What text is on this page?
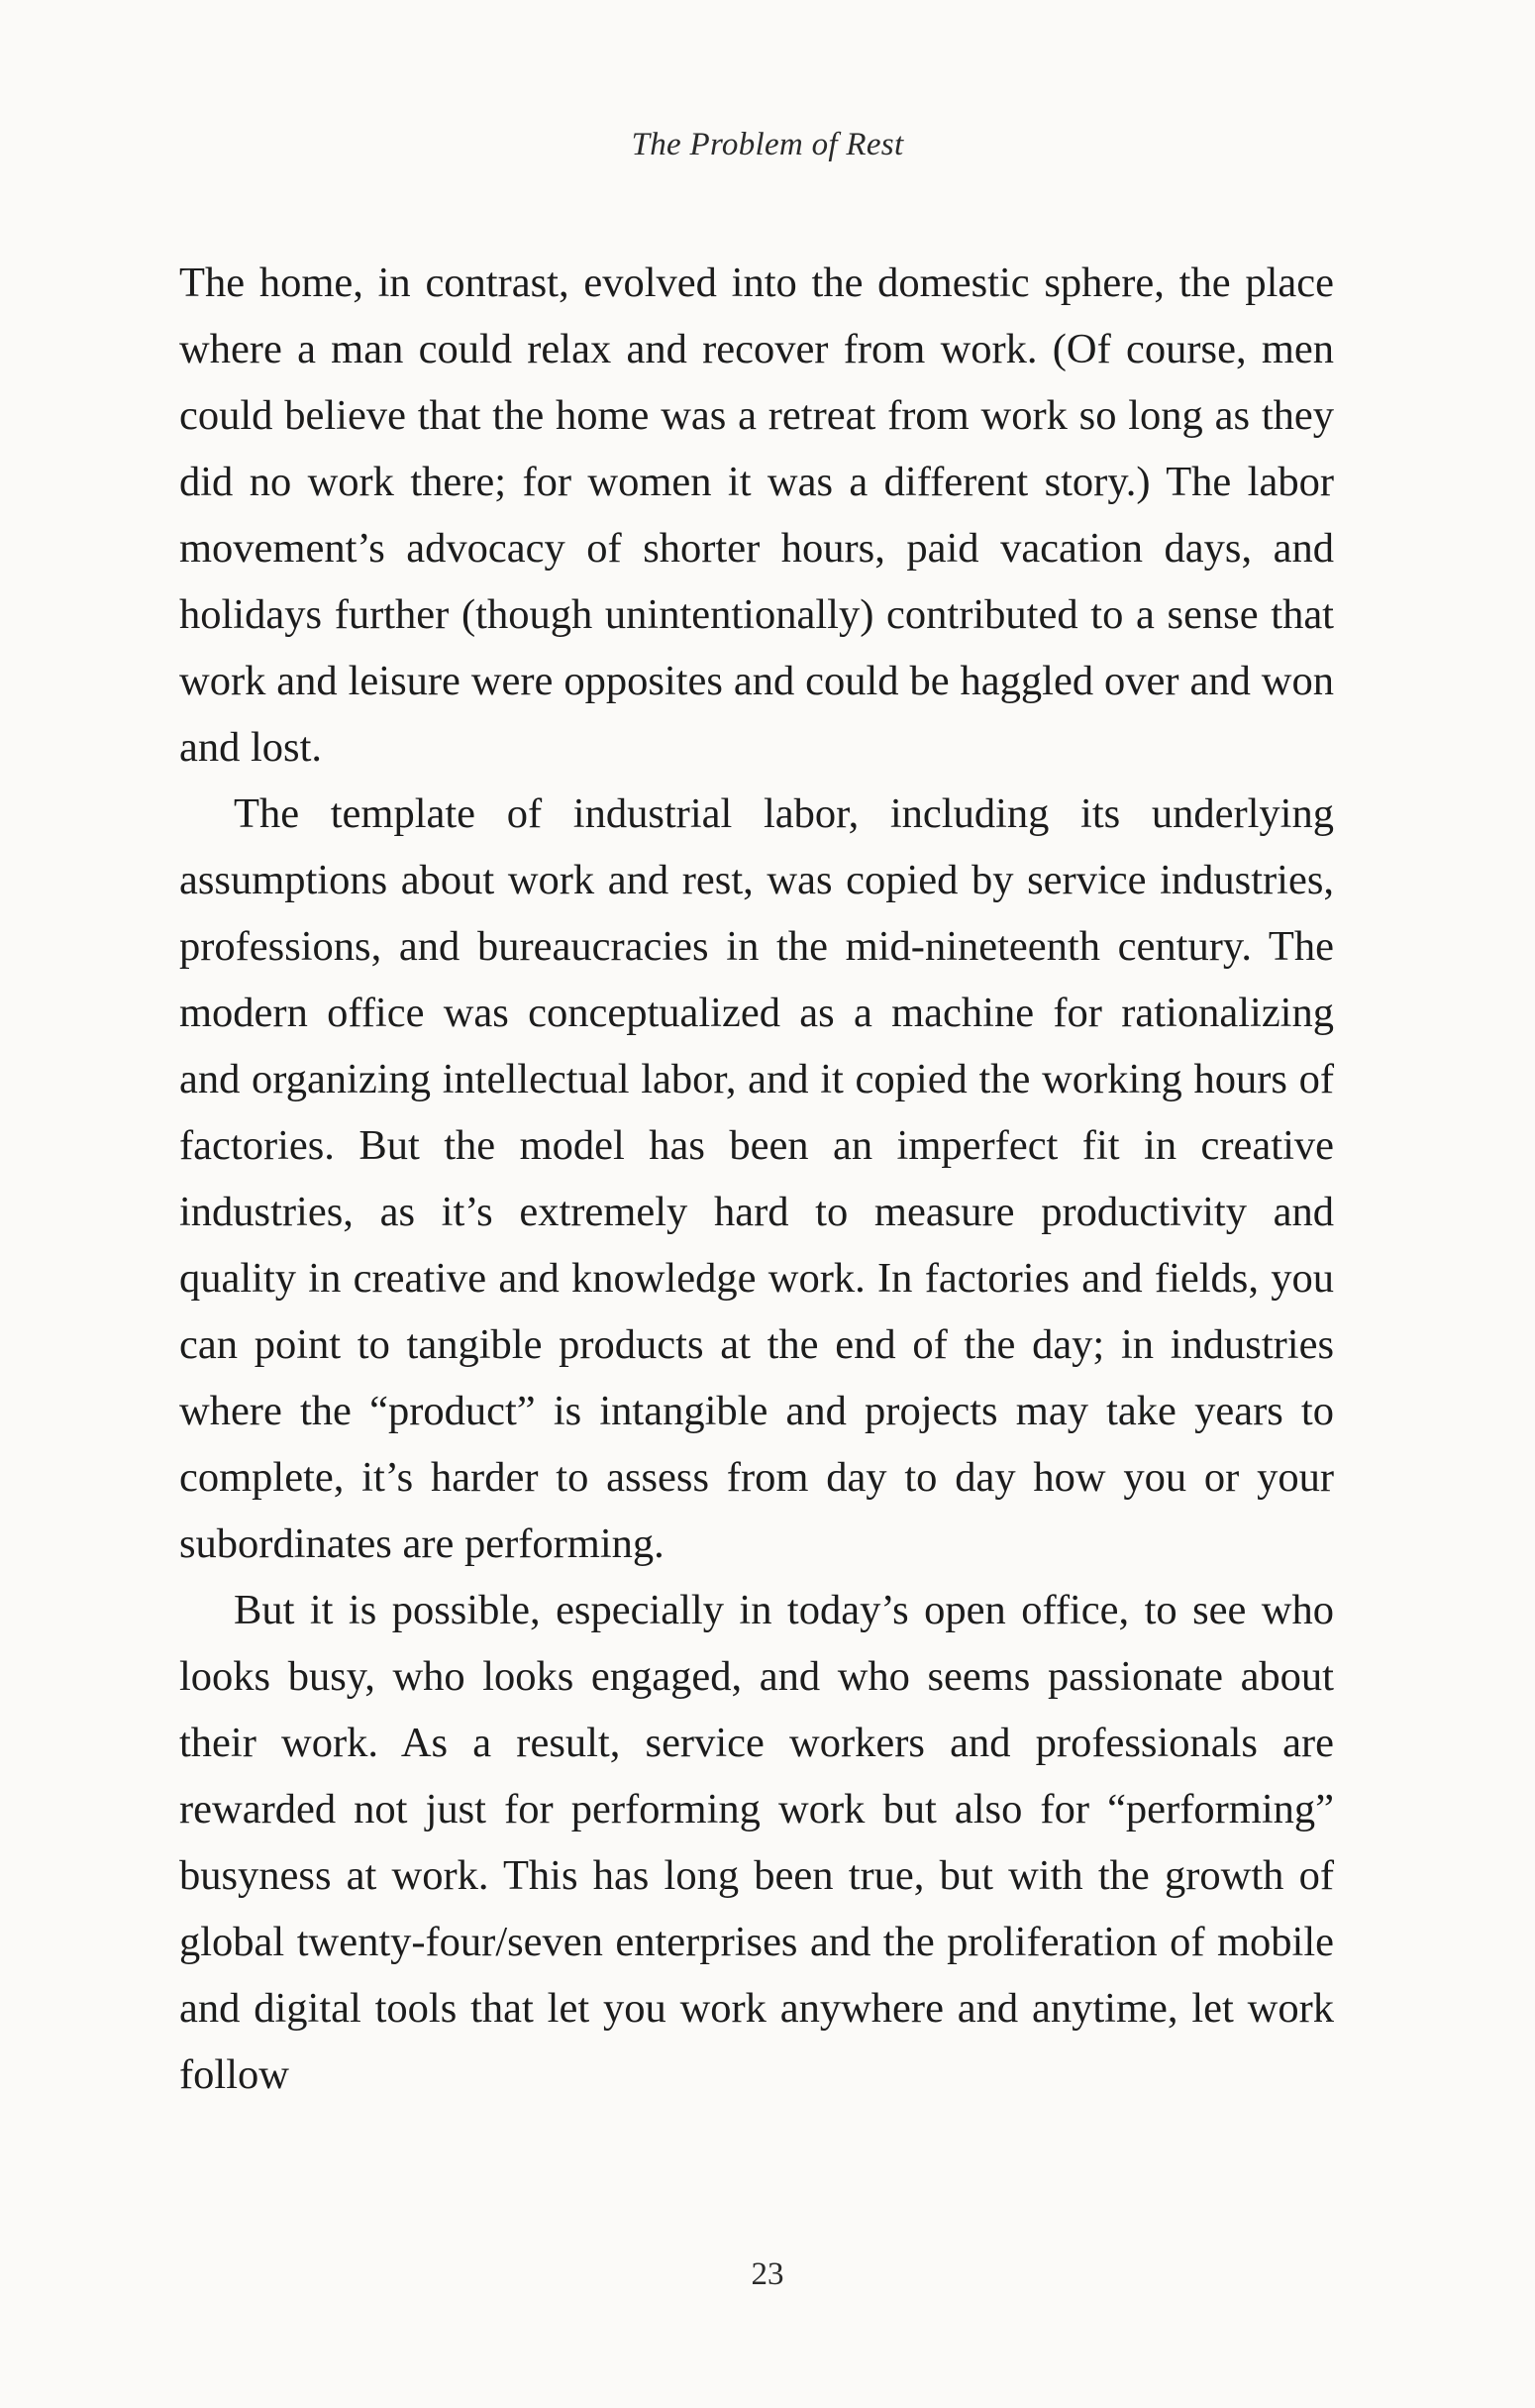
The Problem of Rest

The home, in contrast, evolved into the domestic sphere, the place where a man could relax and recover from work. (Of course, men could believe that the home was a retreat from work so long as they did no work there; for women it was a different story.) The labor movement’s advocacy of shorter hours, paid vacation days, and holidays further (though unintentionally) contributed to a sense that work and leisure were opposites and could be haggled over and won and lost.

The template of industrial labor, including its underlying assumptions about work and rest, was copied by service industries, professions, and bureaucracies in the mid-nineteenth century. The modern office was conceptualized as a machine for rationalizing and organizing intellectual labor, and it copied the working hours of factories. But the model has been an imperfect fit in creative industries, as it’s extremely hard to measure productivity and quality in creative and knowledge work. In factories and fields, you can point to tangible products at the end of the day; in industries where the “product” is intangible and projects may take years to complete, it’s harder to assess from day to day how you or your subordinates are performing.

But it is possible, especially in today’s open office, to see who looks busy, who looks engaged, and who seems passionate about their work. As a result, service workers and professionals are rewarded not just for performing work but also for “performing” busyness at work. This has long been true, but with the growth of global twenty-four/seven enterprises and the proliferation of mobile and digital tools that let you work anywhere and anytime, let work follow

23
